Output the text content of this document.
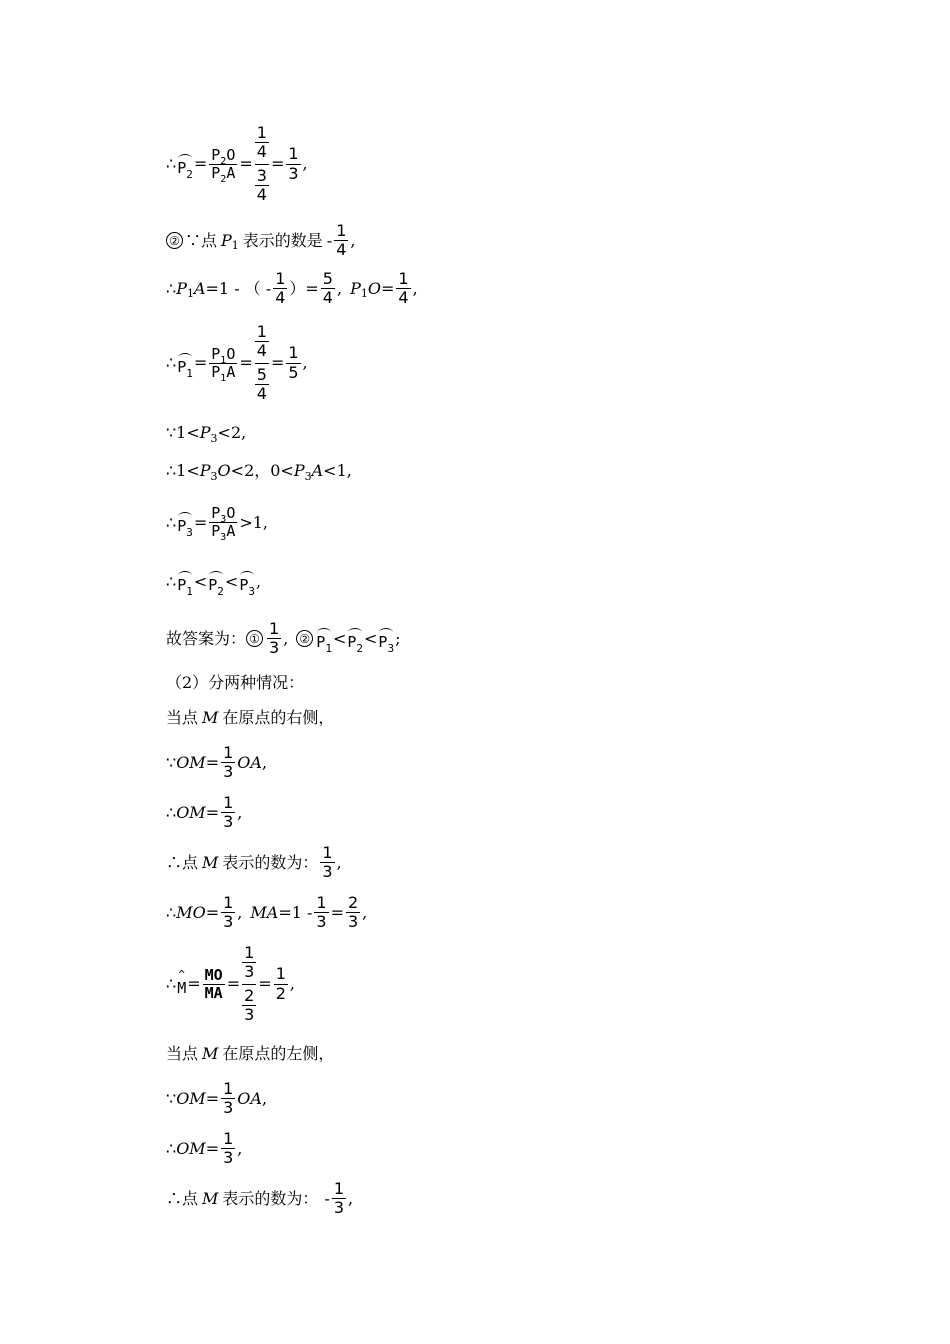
∴ $P_2$
= $\frac{P_2O}{P_2A} = \frac{\frac{1}{4}}{\frac{3}{4}} = \frac{1}{3}$ ,
② ∵点 P 1 表示的数是 - $\frac{1}{4}$ ,
∴ P 1 A =1 - （ - $\frac{1}{4}$ ）= $\frac{5}{4}$ , P 1 $O = \frac{1}{4}$ ,
∴ $P_1$
= $\frac{P_1O}{P_1A} = \frac{\frac{1}{4}}{\frac{5}{4}} = \frac{1}{5}$ ,
∵1< P 3 <2,
∴1< P 3 O <2，0< P 3 A <1,
∴ $P_3$
= $\frac{P_3O}{P_3A} >1$,
∴ $P_1$
< $P_2$
< $P_3$
,
故答案为： ① $\frac{1}{3}$ , ② $P_1$
< $P_2$
< $P_3$
;
（2）分两种情况：
当点 M 在原点的右侧，
∵ OM = $\frac{1}{3}$ OA ,
∴ OM = $\frac{1}{3}$ ,
∴点 M 表示的数为： $\frac{1}{3}$ ,
∴ MO = $\frac{1}{3}$ , MA $=1 - \frac{1}{3} = \frac{2}{3}$ ,
∴
^ $M = \frac{MO}{MA} = \frac{\frac{1}{3}}{\frac{2}{3}} = \frac{1}{2}$ ,
当点 M 在原点的左侧，
∵ OM = $\frac{1}{3}$ OA ,
∴ OM = $\frac{1}{3}$ ,
∴点 M 表示的数为： - $\frac{1}{3}$ ,
